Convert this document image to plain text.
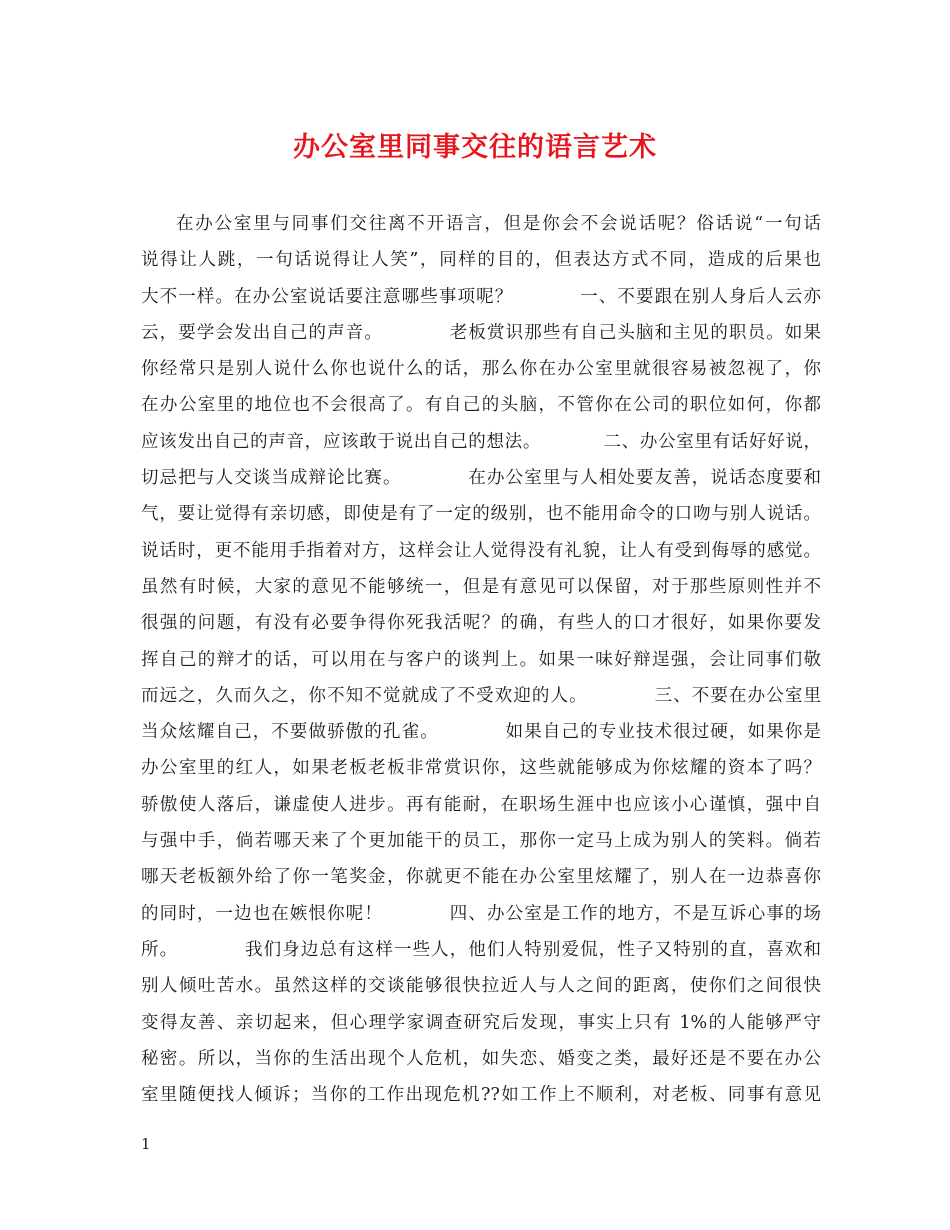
办公室里同事交往的语言艺术
在办公室里与同事们交往离不开语言，但是你会不会说话呢？俗话说“一句话
说得让人跳，一句话说得让人笑”，同样的目的，但表达方式不同，造成的后果也
大不一样。在办公室说话要注意哪些事项呢？          一、不要跟在别人身后人云亦
云，要学会发出自己的声音。          老板赏识那些有自己头脑和主见的职员。如果
你经常只是别人说什么你也说什么的话，那么你在办公室里就很容易被忽视了，你
在办公室里的地位也不会很高了。有自己的头脑，不管你在公司的职位如何，你都
应该发出自己的声音，应该敢于说出自己的想法。          二、办公室里有话好好说，
切忌把与人交谈当成辩论比赛。          在办公室里与人相处要友善，说话态度要和
气，要让觉得有亲切感，即使是有了一定的级别，也不能用命令的口吻与别人说话。
说话时，更不能用手指着对方，这样会让人觉得没有礼貌，让人有受到侮辱的感觉。
虽然有时候，大家的意见不能够统一，但是有意见可以保留，对于那些原则性并不
很强的问题，有没有必要争得你死我活呢？的确，有些人的口才很好，如果你要发
挥自己的辩才的话，可以用在与客户的谈判上。如果一味好辩逞强，会让同事们敬
而远之，久而久之，你不知不觉就成了不受欢迎的人。          三、不要在办公室里
当众炫耀自己，不要做骄傲的孔雀。          如果自己的专业技术很过硬，如果你是
办公室里的红人，如果老板老板非常赏识你，这些就能够成为你炫耀的资本了吗？
骄傲使人落后，谦虚使人进步。再有能耐，在职场生涯中也应该小心谨慎，强中自
与强中手，倘若哪天来了个更加能干的员工，那你一定马上成为别人的笑料。倘若
哪天老板额外给了你一笔奖金，你就更不能在办公室里炫耀了，别人在一边恭喜你
的同时，一边也在嫉恨你呢！          四、办公室是工作的地方，不是互诉心事的场
所。          我们身边总有这样一些人，他们人特别爱侃，性子又特别的直，喜欢和
别人倾吐苦水。虽然这样的交谈能够很快拉近人与人之间的距离，使你们之间很快
变得友善、亲切起来，但心理学家调查研究后发现，事实上只有 1%的人能够严守
秘密。所以，当你的生活出现个人危机，如失恋、婚变之类，最好还是不要在办公
室里随便找人倾诉；当你的工作出现危机??如工作上不顺利，对老板、同事有意见
1
